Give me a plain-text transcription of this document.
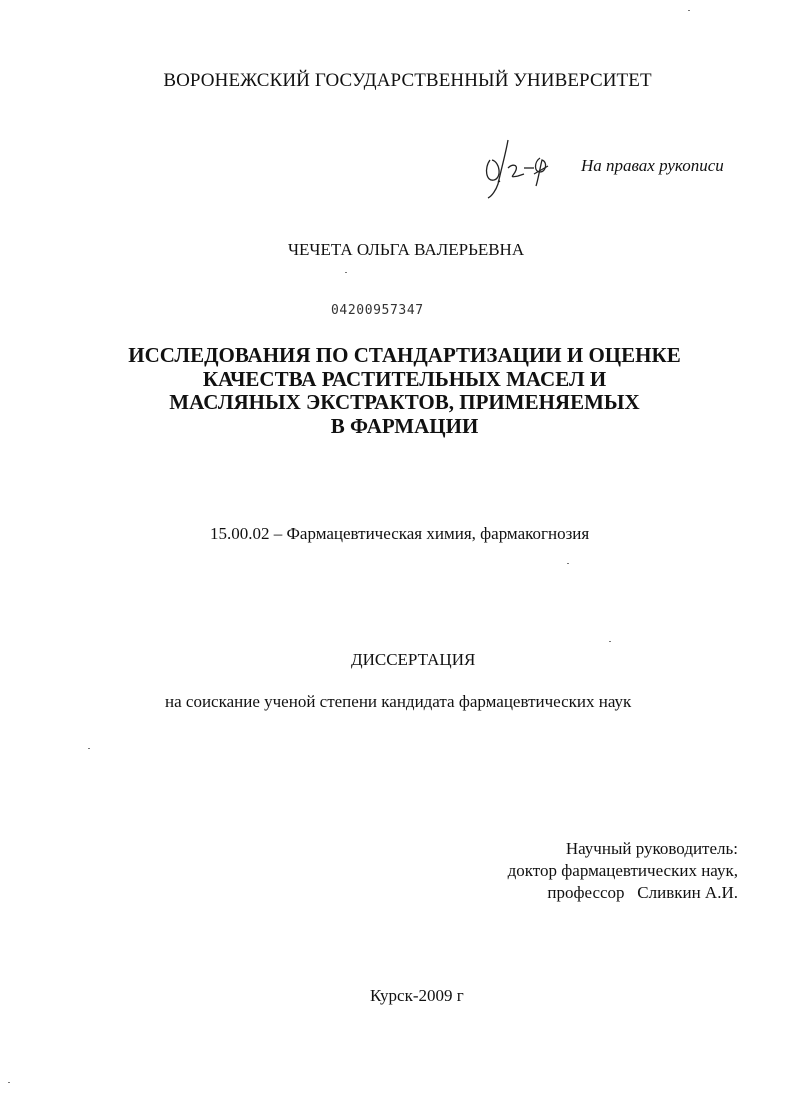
ВОРОНЕЖСКИЙ ГОСУДАРСТВЕННЫЙ УНИВЕРСИТЕТ
На правах рукописи
ЧЕЧЕТА ОЛЬГА ВАЛЕРЬЕВНА
04200957347
ИССЛЕДОВАНИЯ ПО СТАНДАРТИЗАЦИИ И ОЦЕНКЕ
КАЧЕСТВА РАСТИТЕЛЬНЫХ МАСЕЛ И
МАСЛЯНЫХ ЭКСТРАКТОВ, ПРИМЕНЯЕМЫХ
В ФАРМАЦИИ
15.00.02 – Фармацевтическая химия, фармакогнозия
ДИССЕРТАЦИЯ
на соискание ученой степени кандидата фармацевтических наук
Научный руководитель:
доктор фармацевтических наук,
профессор   Сливкин А.И.
Курск-2009 г
